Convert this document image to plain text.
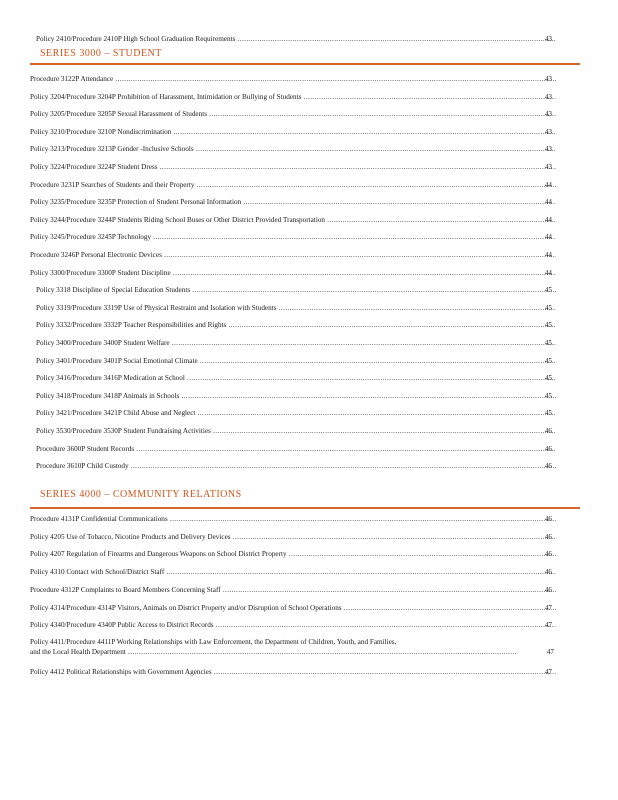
Policy 2410/Procedure 2410P High School Graduation Requirements .....	43
SERIES 3000 – STUDENT
Procedure 3122P Attendance .....	43
Policy 3204/Procedure 3204P Prohibition of Harassment, Intimidation or Bullying of Students .....	43
Policy 3205/Procedure 3205P Sexual Harassment of Students .....	43
Policy 3210/Procedure 3210P Nondiscrimination .....	43
Policy 3213/Procedure 3213P Gender -Inclusive Schools .....	43
Policy 3224/Procedure 3224P Student Dress .....	43
Procedure 3231P Searches of Students and their Property .....	44
Policy 3235/Procedure 3235P Protection of Student Personal Information .....	44
Policy 3244/Procedure 3244P Students Riding School Buses or Other District Provided Transportation .....	44
Policy 3245/Procedure 3245P Technology .....	44
Procedure 3246P Personal Electronic Devices .....	44
Policy 3300/Procedure 3300P Student Discipline .....	44
Policy 3318 Discipline of Special Education Students .....	45
Policy 3319/Procedure 3319P Use of Physical Restraint and Isolation with Students .....	45
Policy 3332/Procedure 3332P Teacher Responsibilities and Rights .....	45
Policy 3400/Procedure 3400P Student Welfare .....	45
Policy 3401/Procedure 3401P Social Emotional Climate .....	45
Policy 3416/Procedure 3416P Medication at School .....	45
Policy 3418/Procedure 3418P Animals in Schools .....	45
Policy 3421/Procedure 3421P Child Abuse and Neglect .....	45
Policy 3530/Procedure 3530P Student Fundraising Activities .....	46
Procedure 3600P Student Records .....	46
Procedure 3610P Child Custody .....	46
SERIES 4000 – COMMUNITY RELATIONS
Procedure 4131P Confidential Communications .....	46
Policy 4205 Use of Tobacco, Nicotine Products and Delivery Devices .....	46
Policy 4207 Regulation of Firearms and Dangerous Weapons on School District Property .....	46
Policy 4310 Contact with School/District Staff .....	46
Procedure 4312P Complaints to Board Members Concerning Staff .....	46
Policy 4314/Procedure 4314P Visitors, Animals on District Property and/or Disruption of School Operations .....	47
Policy 4340/Procedure 4340P Public Access to District Records .....	47
Policy 4411/Procedure 4411P Working Relationships with Law Enforcement, the Department of Children, Youth, and Families,
and the Local Health Department .....	47
Policy 4412 Political Relationships with Government Agencies .....	47
